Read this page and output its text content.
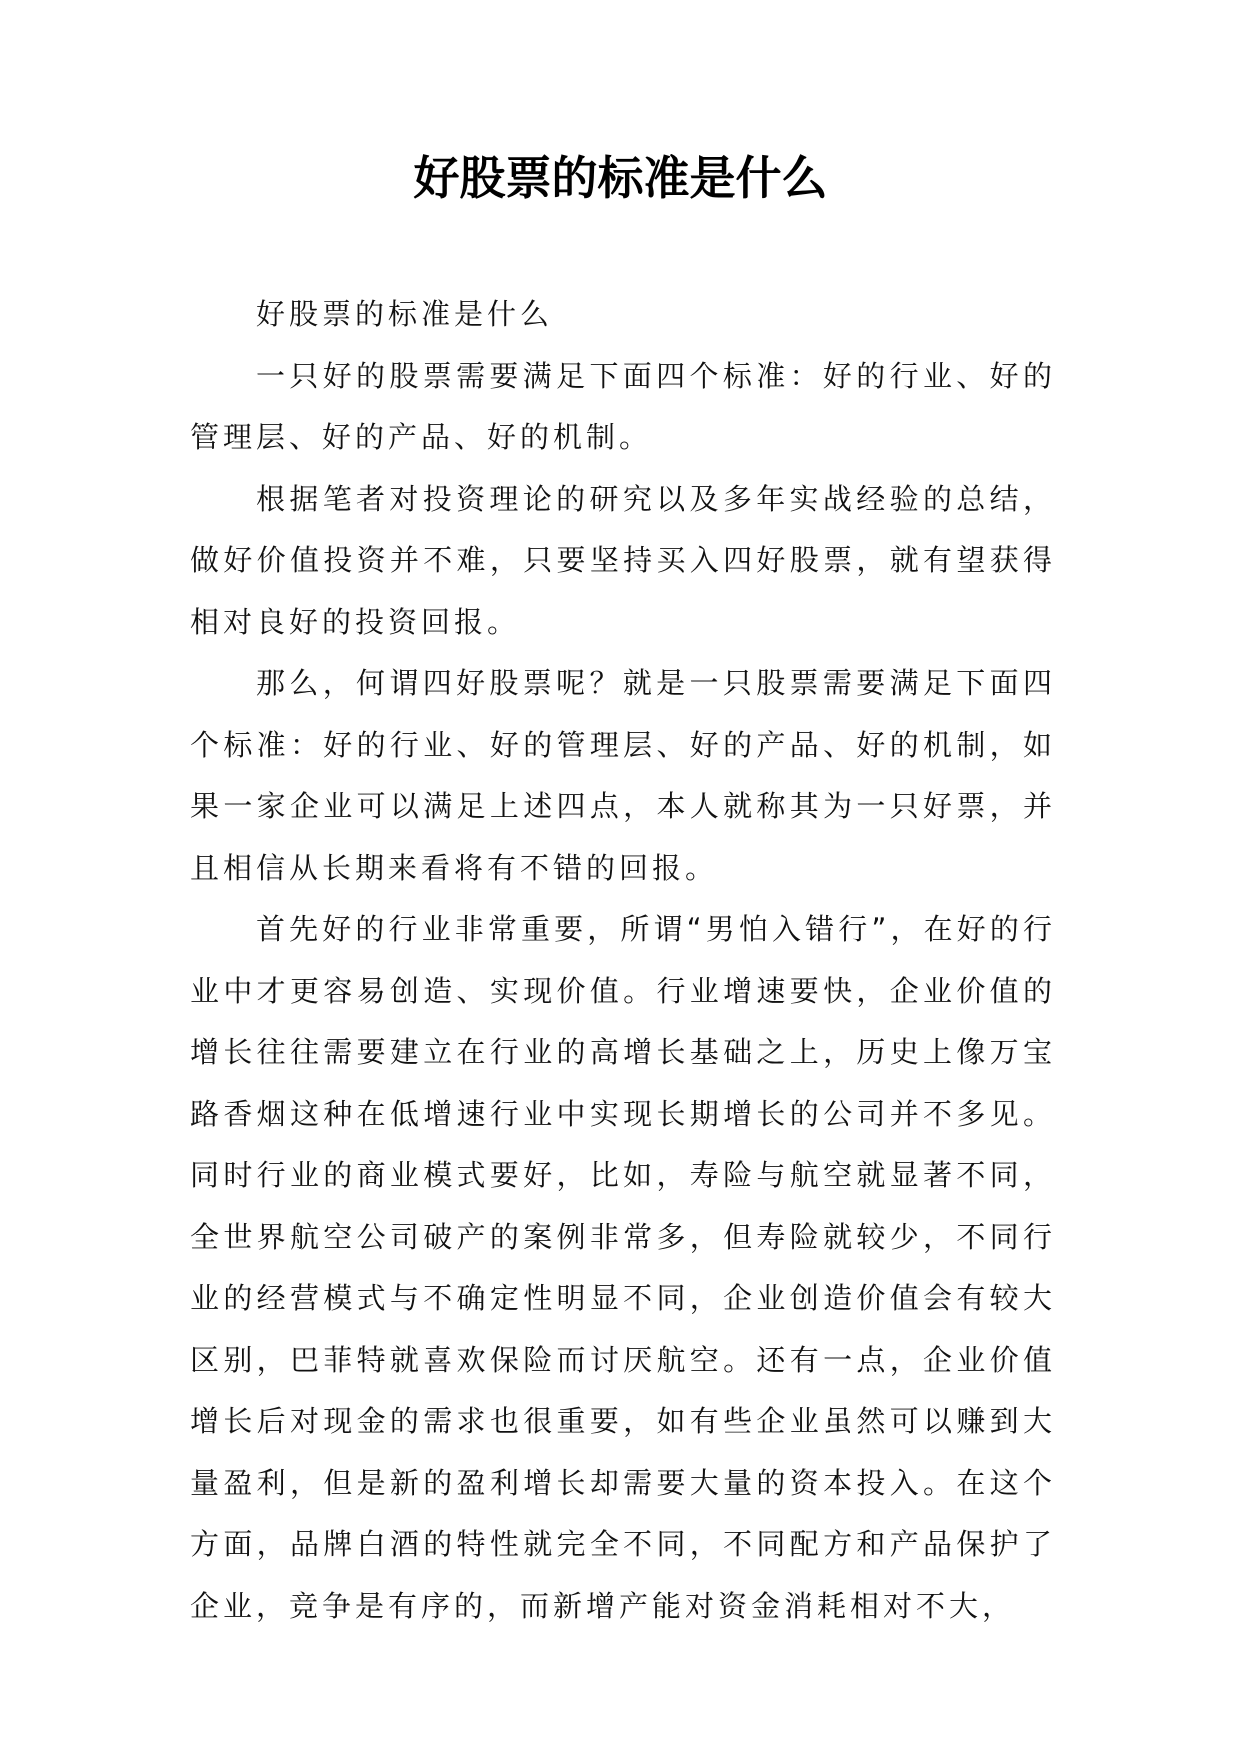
好股票的标准是什么

好股票的标准是什么

一只好的股票需要满足下面四个标准：好的行业、好的管理层、好的产品、好的机制。

根据笔者对投资理论的研究以及多年实战经验的总结，做好价值投资并不难，只要坚持买入四好股票，就有望获得相对良好的投资回报。

那么，何谓四好股票呢？就是一只股票需要满足下面四个标准：好的行业、好的管理层、好的产品、好的机制，如果一家企业可以满足上述四点，本人就称其为一只好票，并且相信从长期来看将有不错的回报。

首先好的行业非常重要，所谓“男怕入错行”，在好的行业中才更容易创造、实现价值。行业增速要快，企业价值的增长往往需要建立在行业的高增长基础之上，历史上像万宝路香烟这种在低增速行业中实现长期增长的公司并不多见。同时行业的商业模式要好，比如，寿险与航空就显著不同，全世界航空公司破产的案例非常多，但寿险就较少，不同行业的经营模式与不确定性明显不同，企业创造价值会有较大区别，巴菲特就喜欢保险而讨厌航空。还有一点，企业价值增长后对现金的需求也很重要，如有些企业虽然可以赚到大量盈利，但是新的盈利增长却需要大量的资本投入。在这个方面，品牌白酒的特性就完全不同，不同配方和产品保护了企业，竞争是有序的，而新增产能对资金消耗相对不大，
